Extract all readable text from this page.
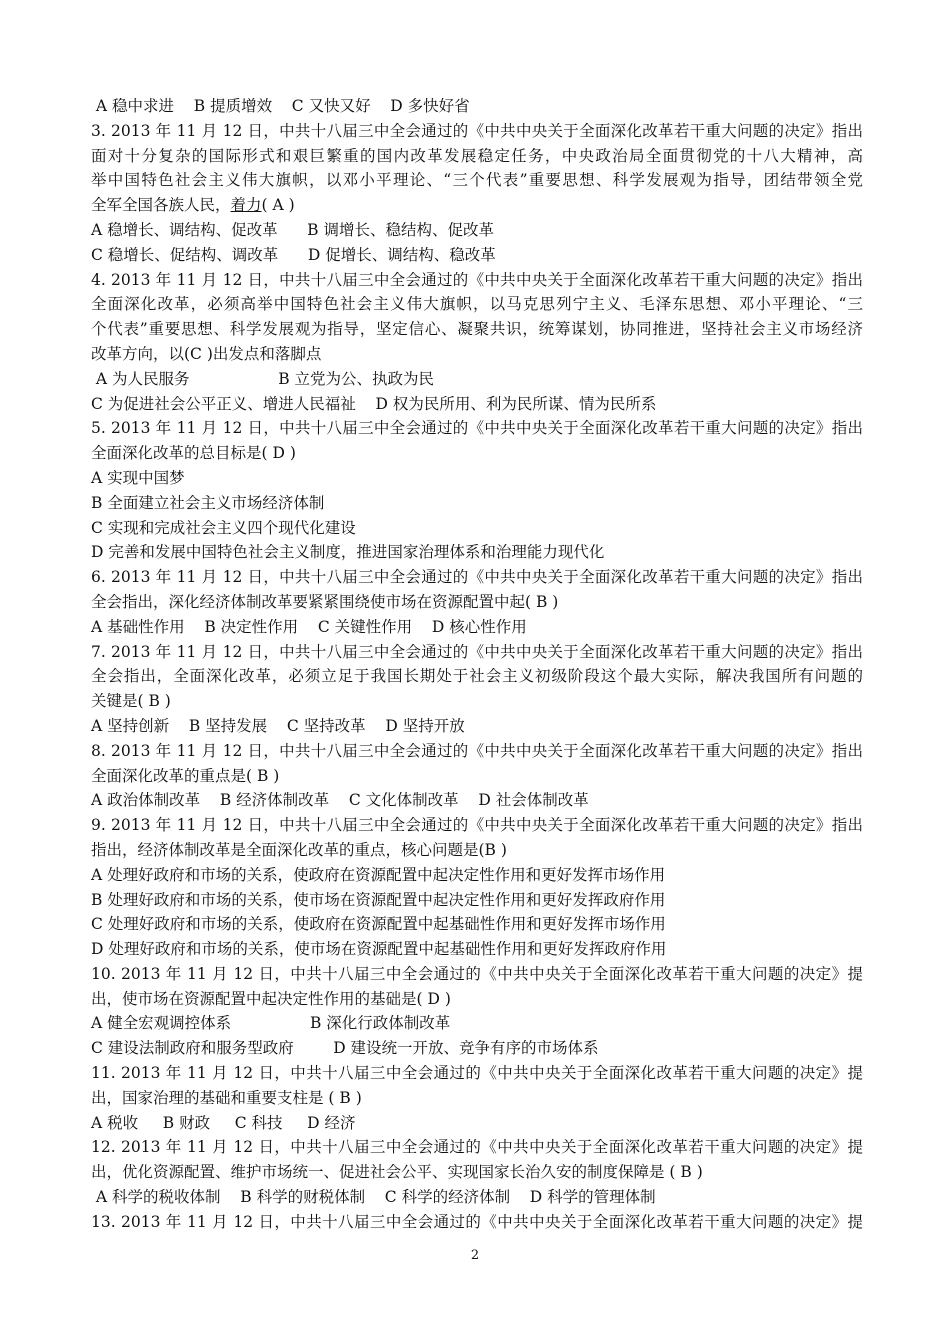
A 稳中求进    B 提质增效    C 又快又好    D 多快好省
3. 2013 年 11 月 12 日，中共十八届三中全会通过的《中共中央关于全面深化改革若干重大问题的决定》指出
面对十分复杂的国际形式和艰巨繁重的国内改革发展稳定任务，中央政治局全面贯彻党的十八大精神，高
举中国特色社会主义伟大旗帜，以邓小平理论、“三个代表”重要思想、科学发展观为指导，团结带领全党
全军全国各族人民，着力( A )
A 稳增长、调结构、促改革      B 调增长、稳结构、促改革
C 稳增长、促结构、调改革      D 促增长、调结构、稳改革
4. 2013 年 11 月 12 日，中共十八届三中全会通过的《中共中央关于全面深化改革若干重大问题的决定》指出
全面深化改革，必须高举中国特色社会主义伟大旗帜，以马克思列宁主义、毛泽东思想、邓小平理论、“三
个代表”重要思想、科学发展观为指导，坚定信心、凝聚共识，统筹谋划，协同推进，坚持社会主义市场经济
改革方向，以(C )出发点和落脚点
A 为人民服务                  B 立党为公、执政为民
C 为促进社会公平正义、增进人民福祉    D 权为民所用、利为民所谋、情为民所系
5. 2013 年 11 月 12 日，中共十八届三中全会通过的《中共中央关于全面深化改革若干重大问题的决定》指出
全面深化改革的总目标是( D )
A 实现中国梦
B 全面建立社会主义市场经济体制
C 实现和完成社会主义四个现代化建设
D 完善和发展中国特色社会主义制度，推进国家治理体系和治理能力现代化
6. 2013 年 11 月 12 日，中共十八届三中全会通过的《中共中央关于全面深化改革若干重大问题的决定》指出
全会指出，深化经济体制改革要紧紧围绕使市场在资源配置中起( B )
A 基础性作用    B 决定性作用    C 关键性作用    D 核心性作用
7. 2013 年 11 月 12 日，中共十八届三中全会通过的《中共中央关于全面深化改革若干重大问题的决定》指出
全会指出，全面深化改革，必须立足于我国长期处于社会主义初级阶段这个最大实际，解决我国所有问题的
关键是( B )
A 坚持创新    B 坚持发展    C 坚持改革    D 坚持开放
8. 2013 年 11 月 12 日，中共十八届三中全会通过的《中共中央关于全面深化改革若干重大问题的决定》指出
全面深化改革的重点是( B )
A 政治体制改革    B 经济体制改革    C 文化体制改革    D 社会体制改革
9. 2013 年 11 月 12 日，中共十八届三中全会通过的《中共中央关于全面深化改革若干重大问题的决定》指出
指出，经济体制改革是全面深化改革的重点，核心问题是(B )
A 处理好政府和市场的关系，使政府在资源配置中起决定性作用和更好发挥市场作用
B 处理好政府和市场的关系，使市场在资源配置中起决定性作用和更好发挥政府作用
C 处理好政府和市场的关系，使政府在资源配置中起基础性作用和更好发挥市场作用
D 处理好政府和市场的关系，使市场在资源配置中起基础性作用和更好发挥政府作用
10. 2013 年 11 月 12 日，中共十八届三中全会通过的《中共中央关于全面深化改革若干重大问题的决定》提
出，使市场在资源配置中起决定性作用的基础是( D )
A 健全宏观调控体系                B 深化行政体制改革
C 建设法制政府和服务型政府        D 建设统一开放、竞争有序的市场体系
11. 2013 年 11 月 12 日，中共十八届三中全会通过的《中共中央关于全面深化改革若干重大问题的决定》提
出，国家治理的基础和重要支柱是 ( B )
A 税收     B 财政     C 科技     D 经济
12. 2013 年 11 月 12 日，中共十八届三中全会通过的《中共中央关于全面深化改革若干重大问题的决定》提
出，优化资源配置、维护市场统一、促进社会公平、实现国家长治久安的制度保障是 ( B )
A 科学的税收体制    B 科学的财税体制    C 科学的经济体制    D 科学的管理体制
13. 2013 年 11 月 12 日，中共十八届三中全会通过的《中共中央关于全面深化改革若干重大问题的决定》提
2
